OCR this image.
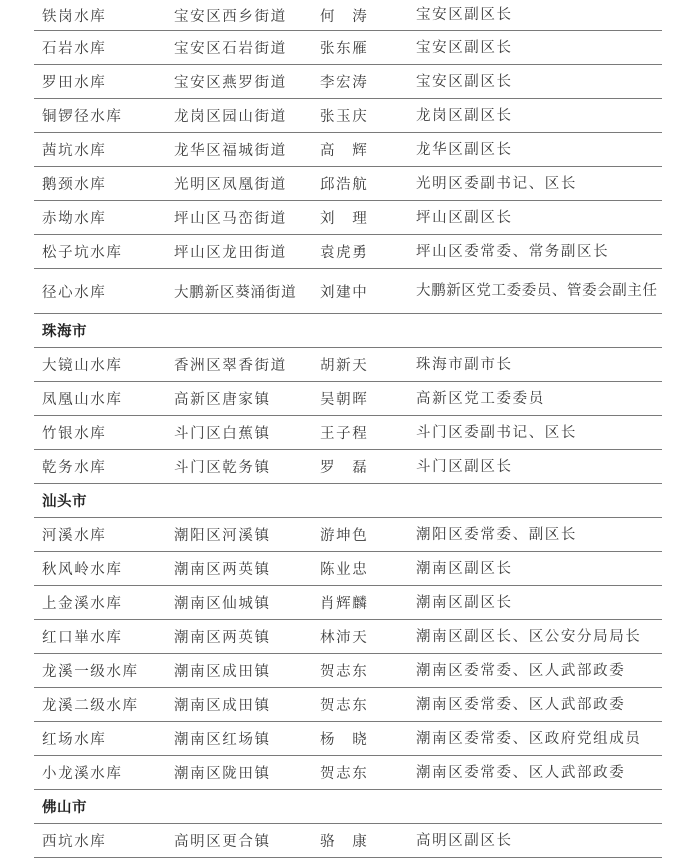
铁岗水库	宝安区西乡街道	何　涛	宝安区副区长
石岩水库	宝安区石岩街道	张东雁	宝安区副区长
罗田水库	宝安区燕罗街道	李宏涛	宝安区副区长
铜锣径水库	龙岗区园山街道	张玉庆	龙岗区副区长
茜坑水库	龙华区福城街道	高　辉	龙华区副区长
鹅颈水库	光明区凤凰街道	邱浩航	光明区委副书记、区长
赤坳水库	坪山区马峦街道	刘　理	坪山区副区长
松子坑水库	坪山区龙田街道	袁虎勇	坪山区委常委、常务副区长
径心水库	大鹏新区葵涌街道	刘建中	大鹏新区党工委委员、管委会副主任
珠海市
大镜山水库	香洲区翠香街道	胡新天	珠海市副市长
凤凰山水库	高新区唐家镇	吴朝晖	高新区党工委委员
竹银水库	斗门区白蕉镇	王子程	斗门区委副书记、区长
乾务水库	斗门区乾务镇	罗　磊	斗门区副区长
汕头市
河溪水库	潮阳区河溪镇	游坤色	潮阳区委常委、副区长
秋风岭水库	潮南区两英镇	陈业忠	潮南区副区长
上金溪水库	潮南区仙城镇	肖辉麟	潮南区副区长
红口崋水库	潮南区两英镇	林沛天	潮南区副区长、区公安分局局长
龙溪一级水库	潮南区成田镇	贺志东	潮南区委常委、区人武部政委
龙溪二级水库	潮南区成田镇	贺志东	潮南区委常委、区人武部政委
红场水库	潮南区红场镇	杨　晓	潮南区委常委、区政府党组成员
小龙溪水库	潮南区陇田镇	贺志东	潮南区委常委、区人武部政委
佛山市
西坑水库	高明区更合镇	骆　康	高明区副区长
